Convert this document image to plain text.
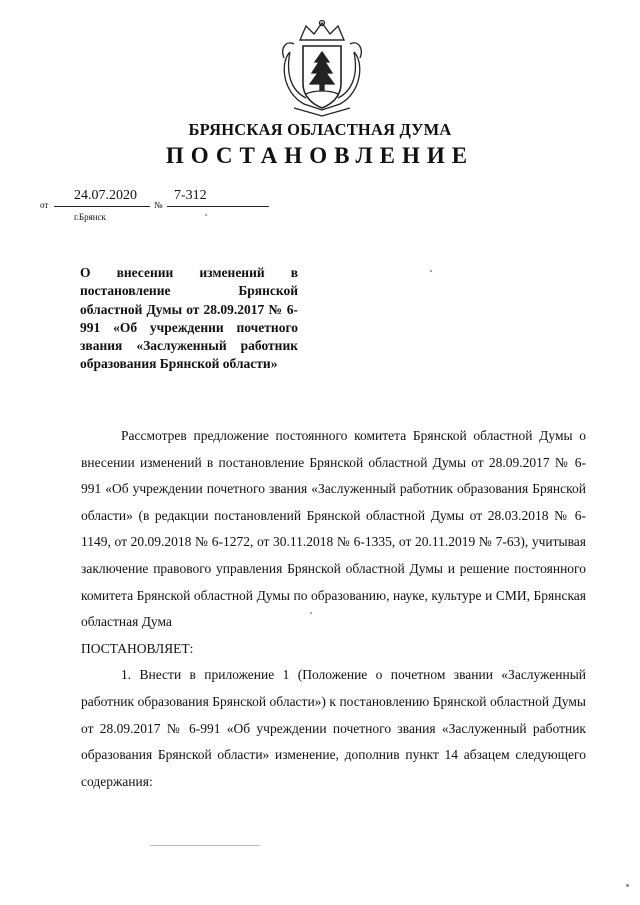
БРЯНСКАЯ ОБЛАСТНАЯ ДУМА
ПОСТАНОВЛЕНИЕ
от
24.07.2020
№
7-312
г.Брянск
О внесении изменений в постановление Брянской областной Думы от 28.09.2017 № 6-991 «Об учреждении почетного звания «Заслуженный работник образования Брянской области»

Рассмотрев предложение постоянного комитета Брянской областной Думы о внесении изменений в постановление Брянской областной Думы от 28.09.2017 № 6-991 «Об учреждении почетного звания «Заслуженный работник образования Брянской области» (в редакции постановлений Брянской областной Думы от 28.03.2018 № 6-1149, от 20.09.2018 № 6-1272, от 30.11.2018 № 6-1335, от 20.11.2019 № 7-63), учитывая заключение правового управления Брянской областной Думы и решение постоянного комитета Брянской областной Думы по образованию, науке, культуре и СМИ, Брянская областная Дума

ПОСТАНОВЛЯЕТ:

1. Внести в приложение 1 (Положение о почетном звании «Заслуженный работник образования Брянской области») к постановлению Брянской областной Думы от 28.09.2017 № 6-991 «Об учреждении почетного звания «Заслуженный работник образования Брянской области» изменение, дополнив пункт 14 абзацем следующего содержания:
